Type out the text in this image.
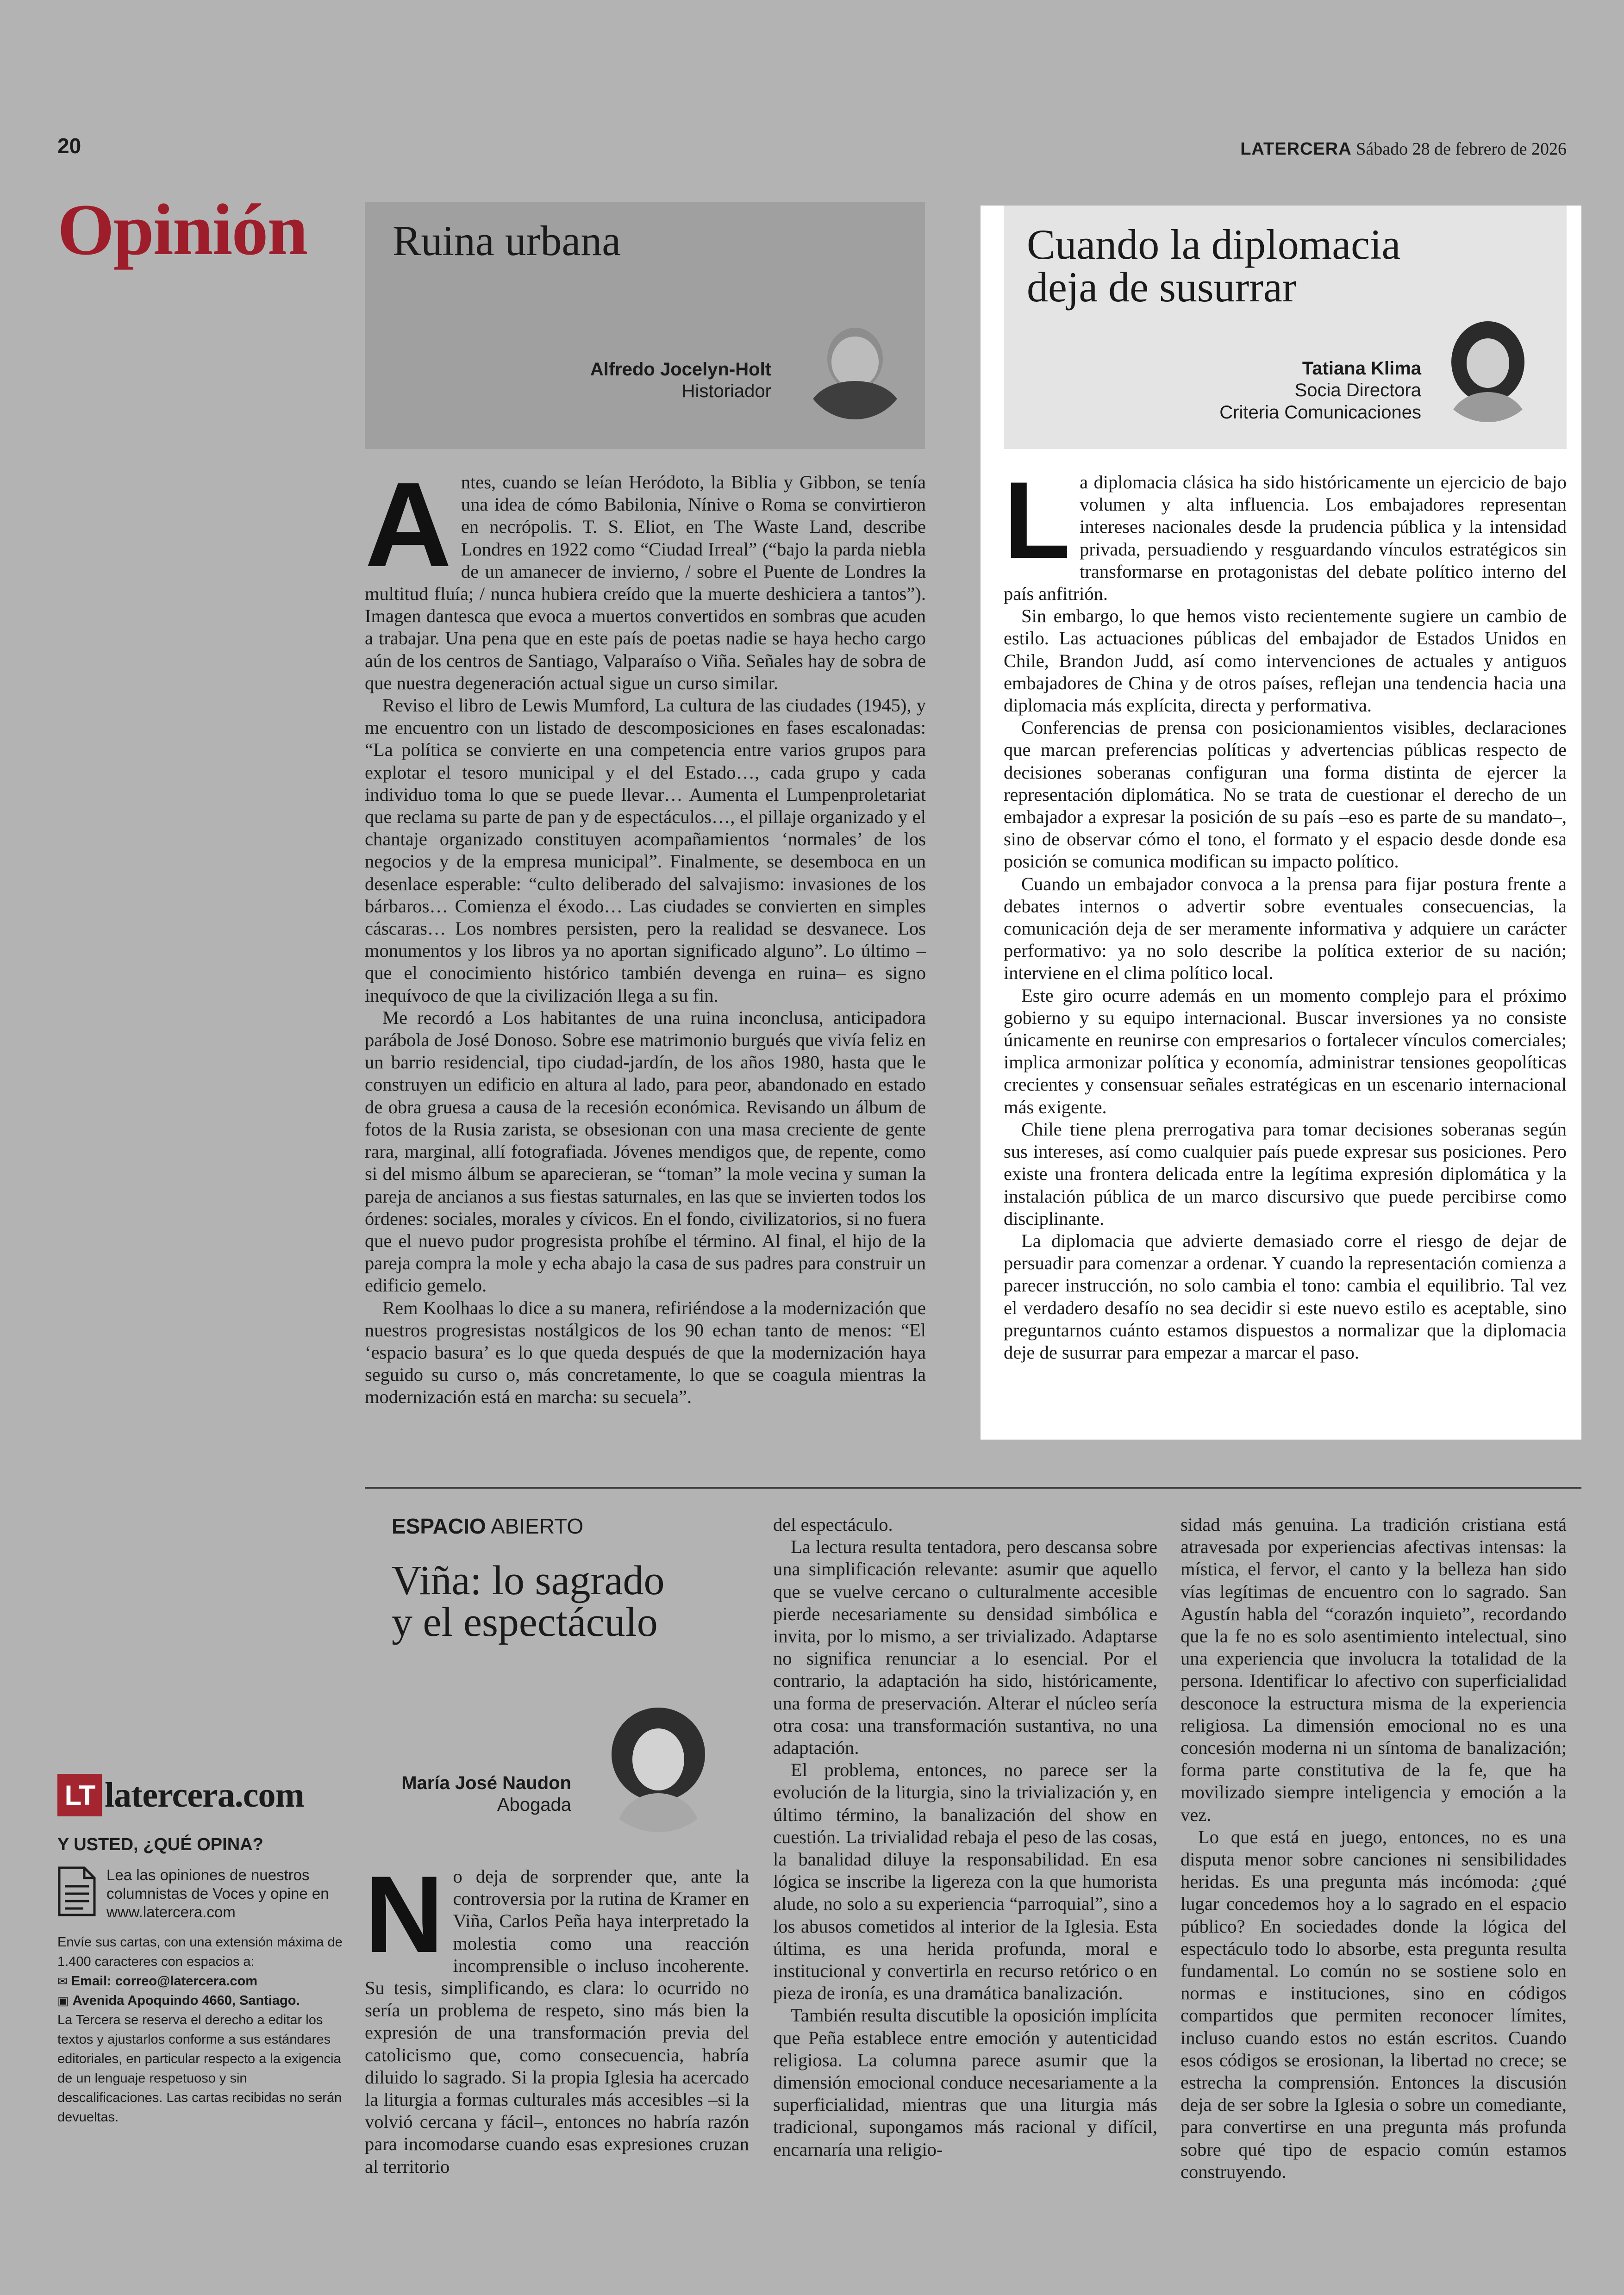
20	LATERCERA Sábado 28 de febrero de 2026
Opinión Ruina urbana
Alfredo Jocelyn-Holt
Historiador

Antes, cuando se leían Heródoto, la Biblia y Gibbon, se tenía una idea de cómo Babilonia, Nínive o Roma se convirtieron en necrópolis. T. S. Eliot, en The Waste Land, describe Londres en 1922 como “Ciudad Irreal” (“bajo la parda niebla de un amanecer de invierno, / sobre el Puente de Londres la multitud fluía; / nunca hubiera creído que la muerte deshiciera a tantos”). Imagen dantesca que evoca a muertos convertidos en sombras que acuden a trabajar. Una pena que en este país de poetas nadie se haya hecho cargo aún de los centros de Santiago, Valparaíso o Viña. Señales hay de sobra de que nuestra degeneración actual sigue un curso similar.

Reviso el libro de Lewis Mumford, La cultura de las ciudades (1945), y me encuentro con un listado de descomposiciones en fases escalonadas: “La política se convierte en una competencia entre varios grupos para explotar el tesoro municipal y el del Estado…, cada grupo y cada individuo toma lo que se puede llevar… Aumenta el Lumpenproletariat que reclama su parte de pan y de espectáculos…, el pillaje organizado y el chantaje organizado constituyen acompañamientos ‘normales’ de los negocios y de la empresa municipal”. Finalmente, se desemboca en un desenlace esperable: “culto deliberado del salvajismo: invasiones de los bárbaros… Comienza el éxodo… Las ciudades se convierten en simples cáscaras… Los nombres persisten, pero la realidad se desvanece. Los monumentos y los libros ya no aportan significado alguno”. Lo último –que el conocimiento histórico también devenga en ruina– es signo inequívoco de que la civilización llega a su fin.

Me recordó a Los habitantes de una ruina inconclusa, anticipadora parábola de José Donoso. Sobre ese matrimonio burgués que vivía feliz en un barrio residencial, tipo ciudad-jardín, de los años 1980, hasta que le construyen un edificio en altura al lado, para peor, abandonado en estado de obra gruesa a causa de la recesión económica. Revisando un álbum de fotos de la Rusia zarista, se obsesionan con una masa creciente de gente rara, marginal, allí fotografiada. Jóvenes mendigos que, de repente, como si del mismo álbum se aparecieran, se “toman” la mole vecina y suman la pareja de ancianos a sus fiestas saturnales, en las que se invierten todos los órdenes: sociales, morales y cívicos. En el fondo, civilizatorios, si no fuera que el nuevo pudor progresista prohíbe el término. Al final, el hijo de la pareja compra la mole y echa abajo la casa de sus padres para construir un edificio gemelo.

Rem Koolhaas lo dice a su manera, refiriéndose a la modernización que nuestros progresistas nostálgicos de los 90 echan tanto de menos: “El ‘espacio basura’ es lo que queda después de que la modernización haya seguido su curso o, más concretamente, lo que se coagula mientras la modernización está en marcha: su secuela”.

Cuando la diplomacia
deja de susurrar
Tatiana Klima
Socia Directora
Criteria Comunicaciones

La diplomacia clásica ha sido históricamente un ejercicio de bajo volumen y alta influencia. Los embajadores representan intereses nacionales desde la prudencia pública y la intensidad privada, persuadiendo y resguardando vínculos estratégicos sin transformarse en protagonistas del debate político interno del país anfitrión.

Sin embargo, lo que hemos visto recientemente sugiere un cambio de estilo. Las actuaciones públicas del embajador de Estados Unidos en Chile, Brandon Judd, así como intervenciones de actuales y antiguos embajadores de China y de otros países, reflejan una tendencia hacia una diplomacia más explícita, directa y performativa.

Conferencias de prensa con posicionamientos visibles, declaraciones que marcan preferencias políticas y advertencias públicas respecto de decisiones soberanas configuran una forma distinta de ejercer la representación diplomática. No se trata de cuestionar el derecho de un embajador a expresar la posición de su país –eso es parte de su mandato–, sino de observar cómo el tono, el formato y el espacio desde donde esa posición se comunica modifican su impacto político.

Cuando un embajador convoca a la prensa para fijar postura frente a debates internos o advertir sobre eventuales consecuencias, la comunicación deja de ser meramente informativa y adquiere un carácter performativo: ya no solo describe la política exterior de su nación; interviene en el clima político local.

Este giro ocurre además en un momento complejo para el próximo gobierno y su equipo internacional. Buscar inversiones ya no consiste únicamente en reunirse con empresarios o fortalecer vínculos comerciales; implica armonizar política y economía, administrar tensiones geopolíticas crecientes y consensuar señales estratégicas en un escenario internacional más exigente.

Chile tiene plena prerrogativa para tomar decisiones soberanas según sus intereses, así como cualquier país puede expresar sus posiciones. Pero existe una frontera delicada entre la legítima expresión diplomática y la instalación pública de un marco discursivo que puede percibirse como disciplinante.

La diplomacia que advierte demasiado corre el riesgo de dejar de persuadir para comenzar a ordenar. Y cuando la representación comienza a parecer instrucción, no solo cambia el tono: cambia el equilibrio. Tal vez el verdadero desafío no sea decidir si este nuevo estilo es aceptable, sino preguntarnos cuánto estamos dispuestos a normalizar que la diplomacia deje de susurrar para empezar a marcar el paso.

ESPACIO ABIERTO
Viña: lo sagrado
y el espectáculo
María José Naudon
Abogada

No deja de sorprender que, ante la controversia por la rutina de Kramer en Viña, Carlos Peña haya interpretado la molestia como una reacción incomprensible o incluso incoherente. Su tesis, simplificando, es clara: lo ocurrido no sería un problema de respeto, sino más bien la expresión de una transformación previa del catolicismo que, como consecuencia, habría diluido lo sagrado. Si la propia Iglesia ha acercado la liturgia a formas culturales más accesibles –si la volvió cercana y fácil–, entonces no habría razón para incomodarse cuando esas expresiones cruzan al territorio

del espectáculo.

La lectura resulta tentadora, pero descansa sobre una simplificación relevante: asumir que aquello que se vuelve cercano o culturalmente accesible pierde necesariamente su densidad simbólica e invita, por lo mismo, a ser trivializado. Adaptarse no significa renunciar a lo esencial. Por el contrario, la adaptación ha sido, históricamente, una forma de preservación. Alterar el núcleo sería otra cosa: una transformación sustantiva, no una adaptación.

El problema, entonces, no parece ser la evolución de la liturgia, sino la trivialización y, en último término, la banalización del show en cuestión. La trivialidad rebaja el peso de las cosas, la banalidad diluye la responsabilidad. En esa lógica se inscribe la ligereza con la que humorista alude, no solo a su experiencia “parroquial”, sino a los abusos cometidos al interior de la Iglesia. Esta última, es una herida profunda, moral e institucional y convertirla en recurso retórico o en pieza de ironía, es una dramática banalización.

También resulta discutible la oposición implícita que Peña establece entre emoción y autenticidad religiosa. La columna parece asumir que la dimensión emocional conduce necesariamente a la superficialidad, mientras que una liturgia más tradicional, supongamos más racional y difícil, encarnaría una religio-

sidad más genuina. La tradición cristiana está atravesada por experiencias afectivas intensas: la mística, el fervor, el canto y la belleza han sido vías legítimas de encuentro con lo sagrado. San Agustín habla del “corazón inquieto”, recordando que la fe no es solo asentimiento intelectual, sino una experiencia que involucra la totalidad de la persona. Identificar lo afectivo con superficialidad desconoce la estructura misma de la experiencia religiosa. La dimensión emocional no es una concesión moderna ni un síntoma de banalización; forma parte constitutiva de la fe, que ha movilizado siempre inteligencia y emoción a la vez.

Lo que está en juego, entonces, no es una disputa menor sobre canciones ni sensibilidades heridas. Es una pregunta más incómoda: ¿qué lugar concedemos hoy a lo sagrado en el espacio público? En sociedades donde la lógica del espectáculo todo lo absorbe, esta pregunta resulta fundamental. Lo común no se sostiene solo en normas e instituciones, sino en códigos compartidos que permiten reconocer límites, incluso cuando estos no están escritos. Cuando esos códigos se erosionan, la libertad no crece; se estrecha la comprensión. Entonces la discusión deja de ser sobre la Iglesia o sobre un comediante, para convertirse en una pregunta más profunda sobre qué tipo de espacio común estamos construyendo.

LT latercera.com
Y USTED, ¿QUÉ OPINA?
Lea las opiniones de nuestros columnistas de Voces y opine en www.latercera.com
Envíe sus cartas, con una extensión máxima de 1.400 caracteres con espacios a:
✉ Email: correo@latercera.com
▣ Avenida Apoquindo 4660, Santiago.
La Tercera se reserva el derecho a editar los textos y ajustarlos conforme a sus estándares editoriales, en particular respecto a la exigencia de un lenguaje respetuoso y sin descalificaciones. Las cartas recibidas no serán devueltas.
